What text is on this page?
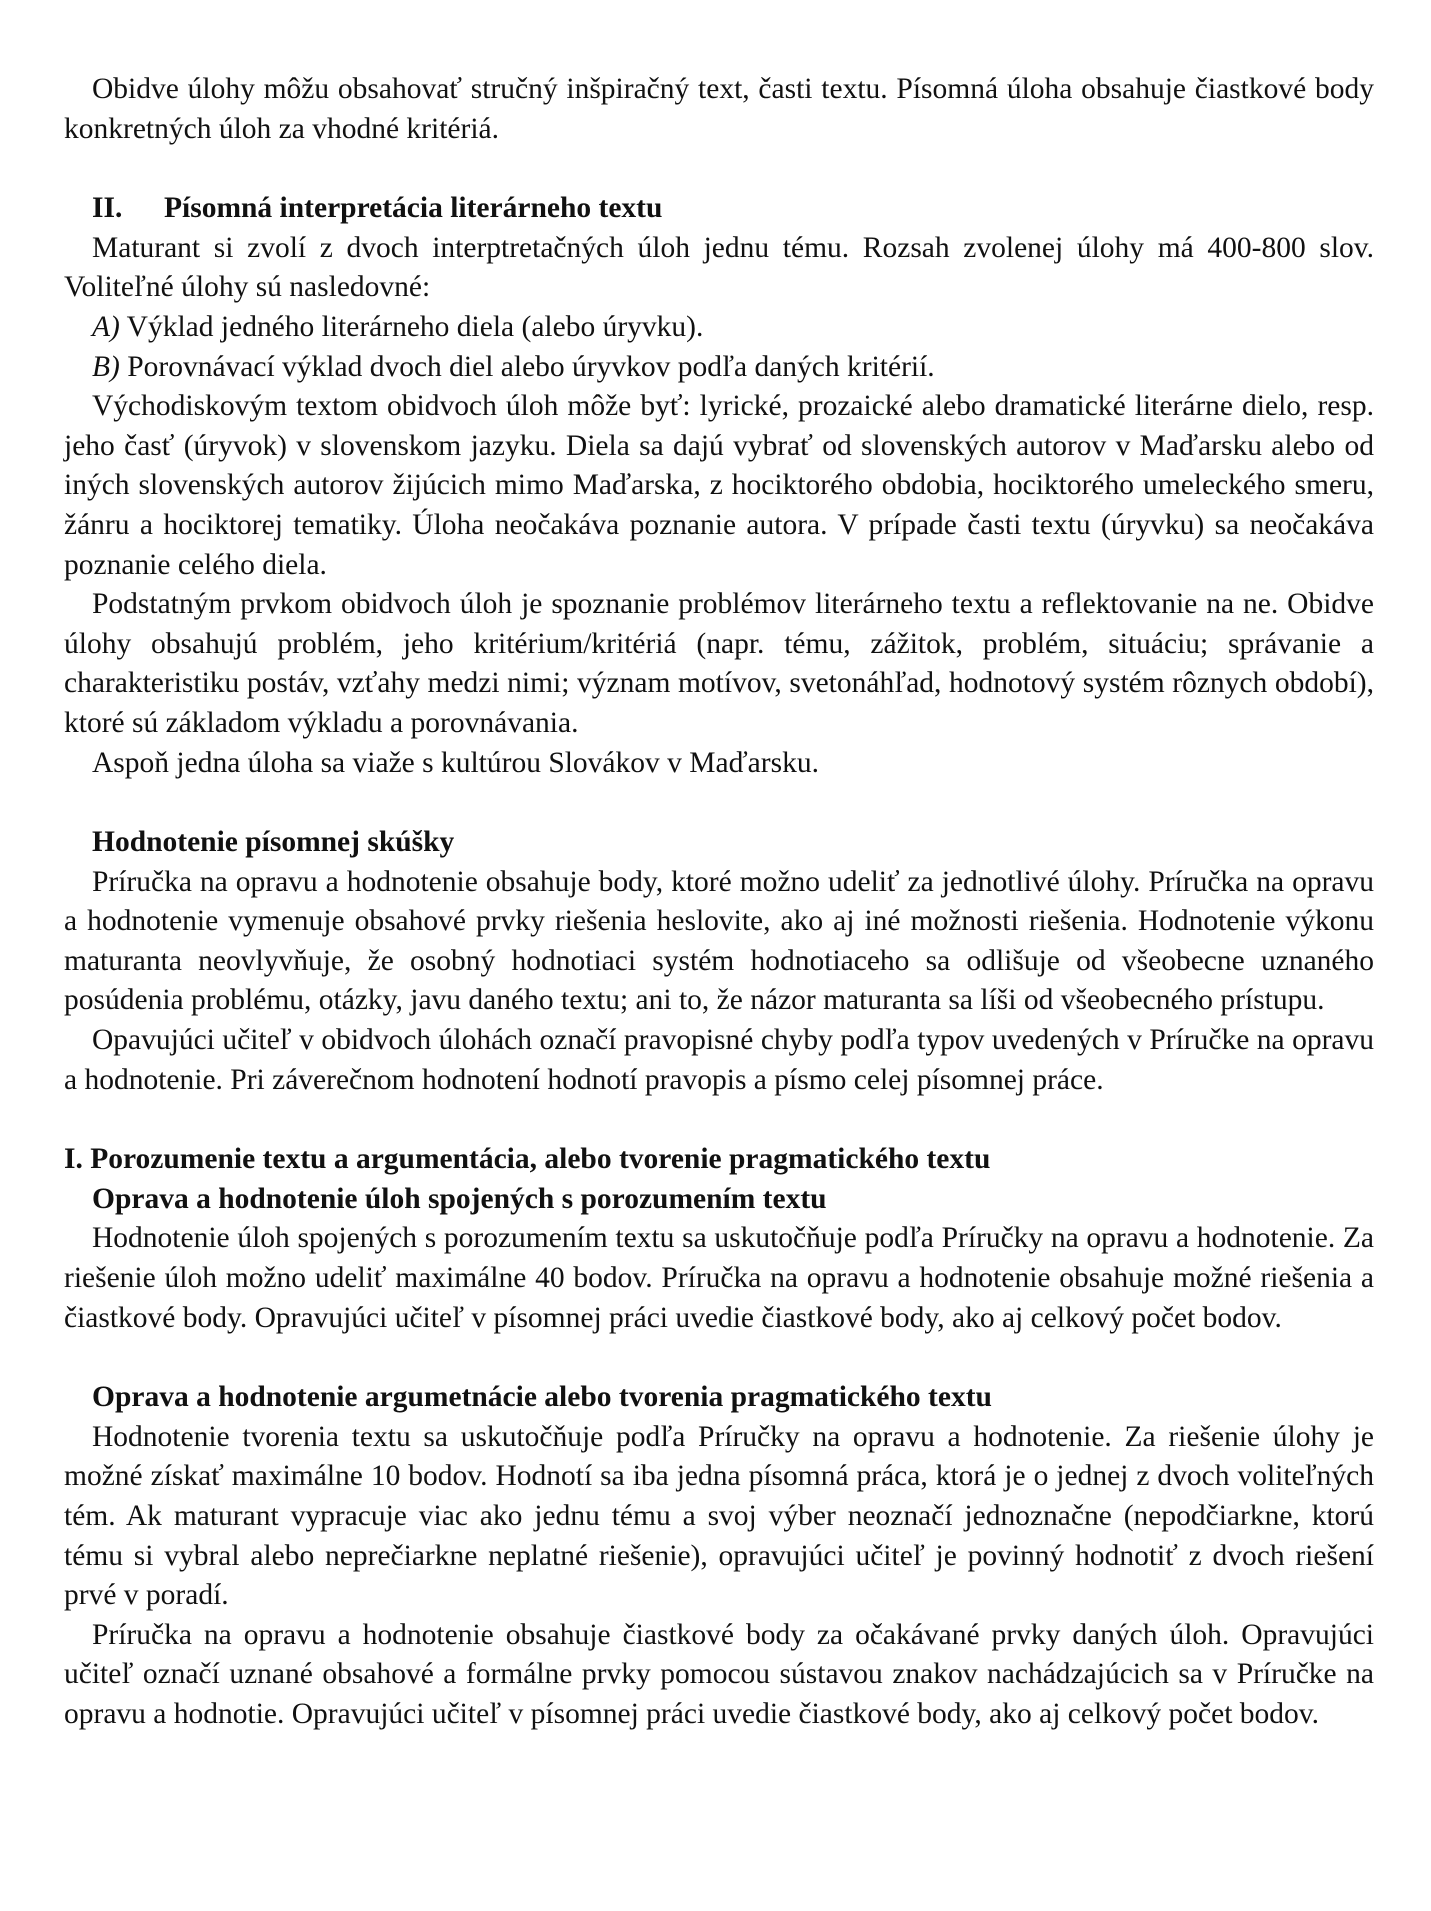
Obidve úlohy môžu obsahovať stručný inšpiračný text, časti textu. Písomná úloha obsahuje čiastkové body konkretných úloh za vhodné kritériá.

II. Písomná interpretácia literárneho textu

Maturant si zvolí z dvoch interptretačných úloh jednu tému. Rozsah zvolenej úlohy má 400-800 slov. Voliteľné úlohy sú nasledovné:

A) Výklad jedného literárneho diela (alebo úryvku).

B) Porovnávací výklad dvoch diel alebo úryvkov podľa daných kritérií.

Východiskovým textom obidvoch úloh môže byť: lyrické, prozaické alebo dramatické literárne dielo, resp. jeho časť (úryvok) v slovenskom jazyku. Diela sa dajú vybrať od slovenských autorov v Maďarsku alebo od iných slovenských autorov žijúcich mimo Maďarska, z hociktorého obdobia, hociktorého umeleckého smeru, žánru a hociktorej tematiky. Úloha neočakáva poznanie autora. V prípade časti textu (úryvku) sa neočakáva poznanie celého diela.

Podstatným prvkom obidvoch úloh je spoznanie problémov literárneho textu a reflektovanie na ne. Obidve úlohy obsahujú problém, jeho kritérium/kritériá (napr. tému, zážitok, problém, situáciu; správanie a charakteristiku postáv, vzťahy medzi nimi; význam motívov, svetonáhľad, hodnotový systém rôznych období), ktoré sú základom výkladu a porovnávania.

Aspoň jedna úloha sa viaže s kultúrou Slovákov v Maďarsku.

Hodnotenie písomnej skúšky

Príručka na opravu a hodnotenie obsahuje body, ktoré možno udeliť za jednotlivé úlohy. Príručka na opravu a hodnotenie vymenuje obsahové prvky riešenia heslovite, ako aj iné možnosti riešenia. Hodnotenie výkonu maturanta neovlyvňuje, že osobný hodnotiaci systém hodnotiaceho sa odlišuje od všeobecne uznaného posúdenia problému, otázky, javu daného textu; ani to, že názor maturanta sa líši od všeobecného prístupu.

Opavujúci učiteľ v obidvoch úlohách označí pravopisné chyby podľa typov uvedených v Príručke na opravu a hodnotenie. Pri záverečnom hodnotení hodnotí pravopis a písmo celej písomnej práce.

I. Porozumenie textu a argumentácia, alebo tvorenie pragmatického textu
Oprava a hodnotenie úloh spojených s porozumením textu

Hodnotenie úloh spojených s porozumením textu sa uskutočňuje podľa Príručky na opravu a hodnotenie. Za riešenie úloh možno udeliť maximálne 40 bodov. Príručka na opravu a hodnotenie obsahuje možné riešenia a čiastkové body. Opravujúci učiteľ v písomnej práci uvedie čiastkové body, ako aj celkový počet bodov.

Oprava a hodnotenie argumetnácie alebo tvorenia pragmatického textu

Hodnotenie tvorenia textu sa uskutočňuje podľa Príručky na opravu a hodnotenie. Za riešenie úlohy je možné získať maximálne 10 bodov. Hodnotí sa iba jedna písomná práca, ktorá je o jednej z dvoch voliteľných tém. Ak maturant vypracuje viac ako jednu tému a svoj výber neoznačí jednoznačne (nepodčiarkne, ktorú tému si vybral alebo neprečiarkne neplatné riešenie), opravujúci učiteľ je povinný hodnotiť z dvoch riešení prvé v poradí.

Príručka na opravu a hodnotenie obsahuje čiastkové body za očakávané prvky daných úloh. Opravujúci učiteľ označí uznané obsahové a formálne prvky pomocou sústavou znakov nachádzajúcich sa v Príručke na opravu a hodnotie. Opravujúci učiteľ v písomnej práci uvedie čiastkové body, ako aj celkový počet bodov.
